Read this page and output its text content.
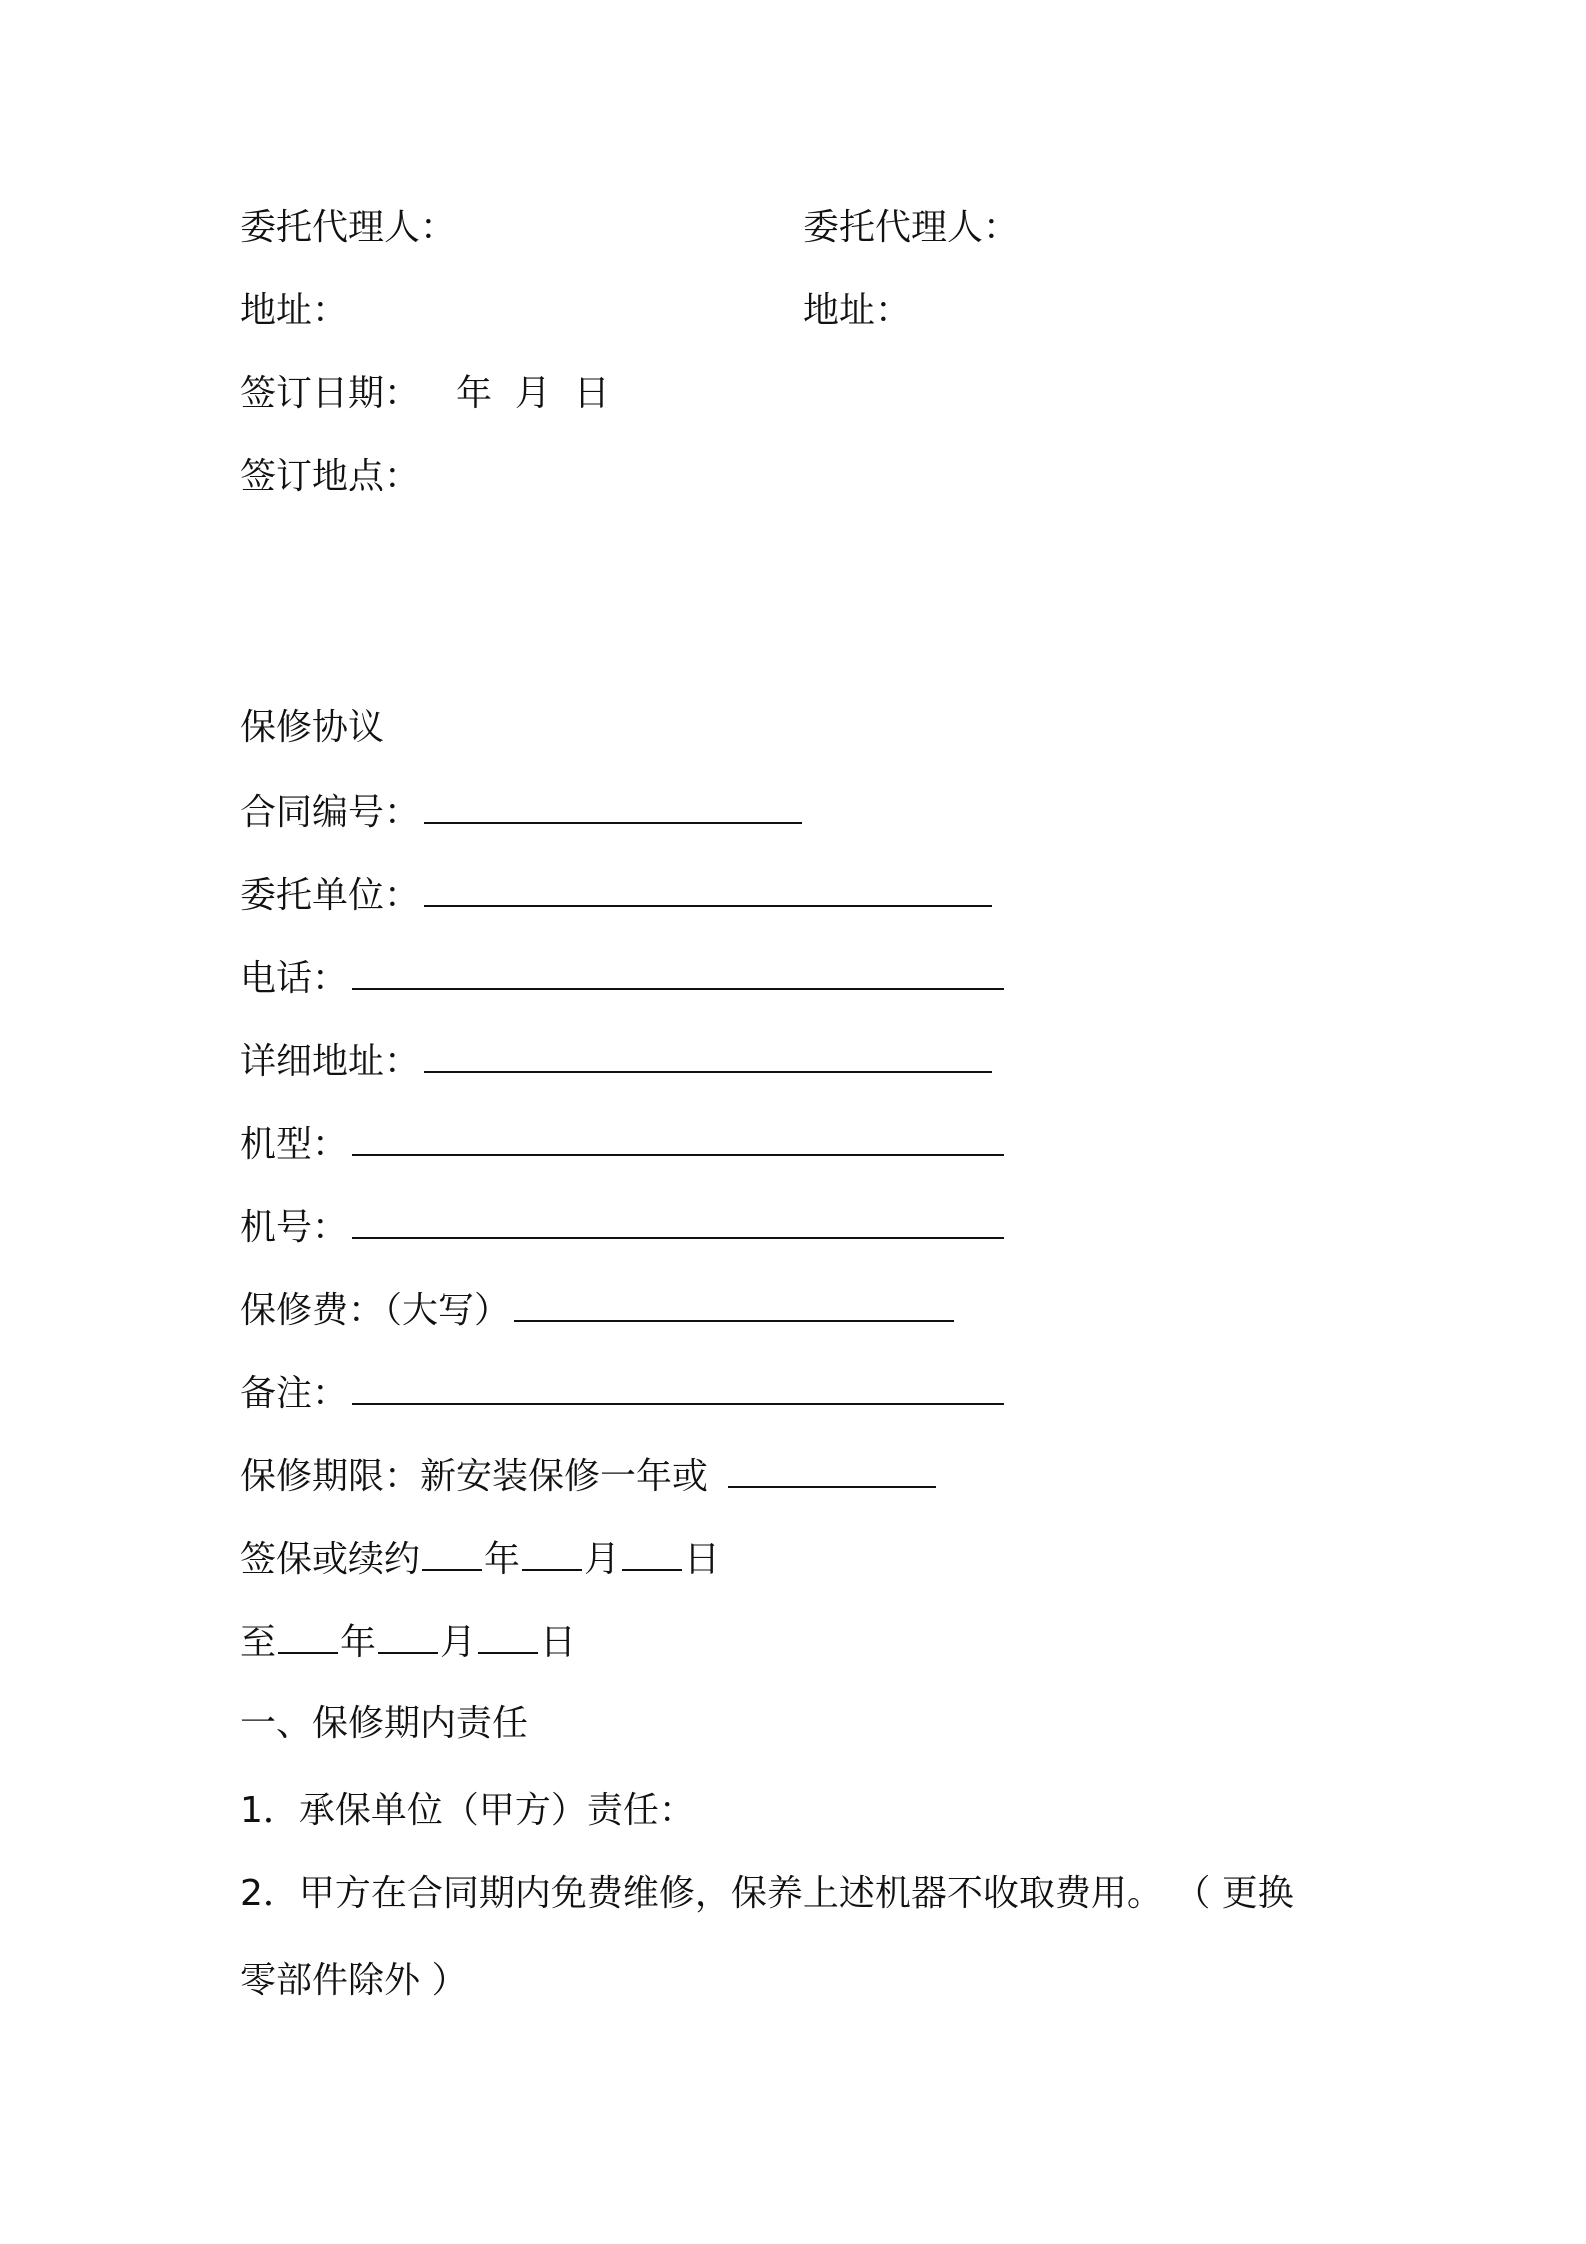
委托代理人：	委托代理人：
地址：	地址：
签订日期： 年  月  日
签订地点：
保修协议
合同编号：
委托单位：
电话：
详细地址：
机型：
机号：
保修费：（大写）
备注：
保修期限：新安装保修一年或
签保或续约 年 月 日
至 年 月 日
一、保修期内责任
1．承保单位（甲方）责任：
2．甲方在合同期内免费维修，保养上述机器不收取费用。 （ 更换
零部件除外 ）
